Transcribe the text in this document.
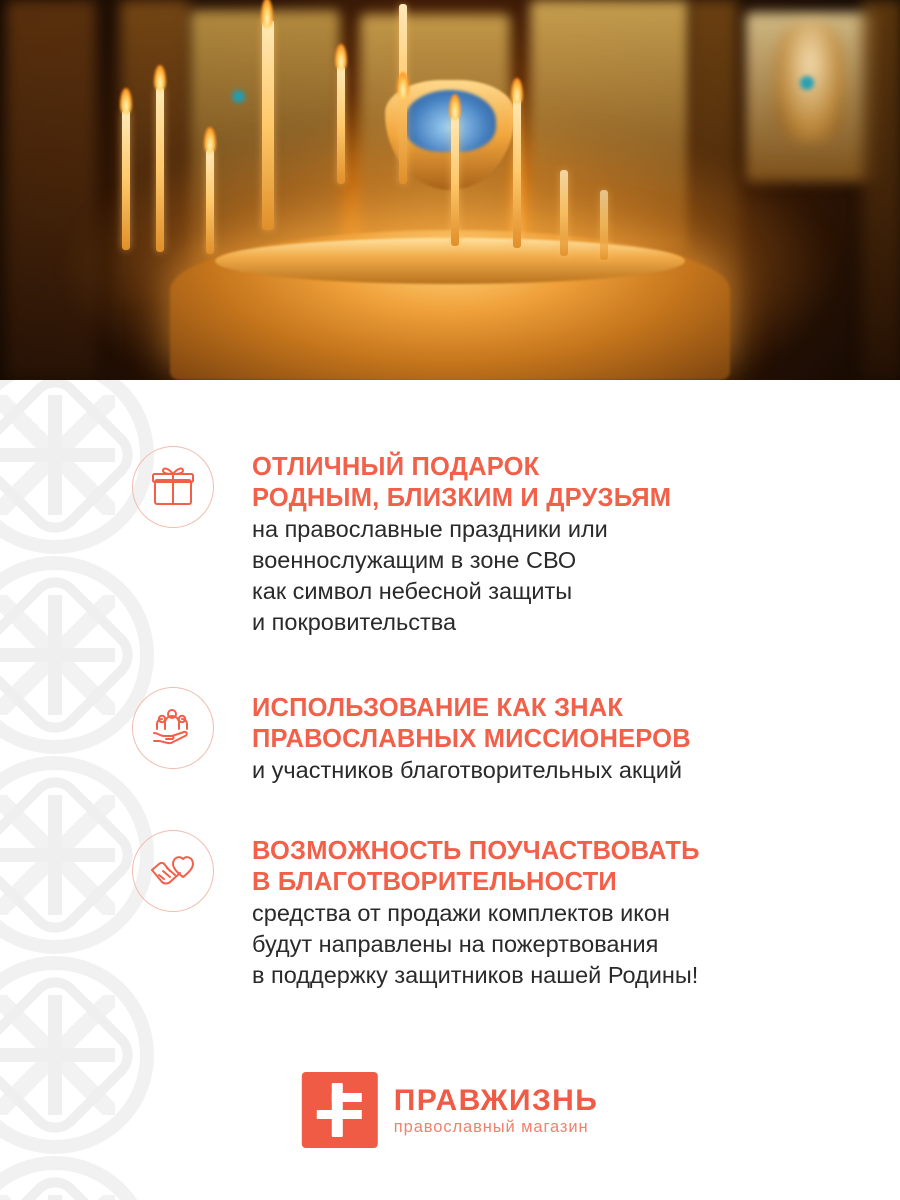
ОТЛИЧНЫЙ ПОДАРОК
РОДНЫМ, БЛИЗКИМ И ДРУЗЬЯМ
на православные праздники или
военнослужащим в зоне СВО
как символ небесной защиты
и покровительства
ИСПОЛЬЗОВАНИЕ КАК ЗНАК
ПРАВОСЛАВНЫХ МИССИОНЕРОВ
и участников благотворительных акций
ВОЗМОЖНОСТЬ ПОУЧАСТВОВАТЬ
В БЛАГОТВОРИТЕЛЬНОСТИ
средства от продажи комплектов икон
будут направлены на пожертвования
в поддержку защитников нашей Родины!
ПРАВЖИЗНЬ
православный магазин
